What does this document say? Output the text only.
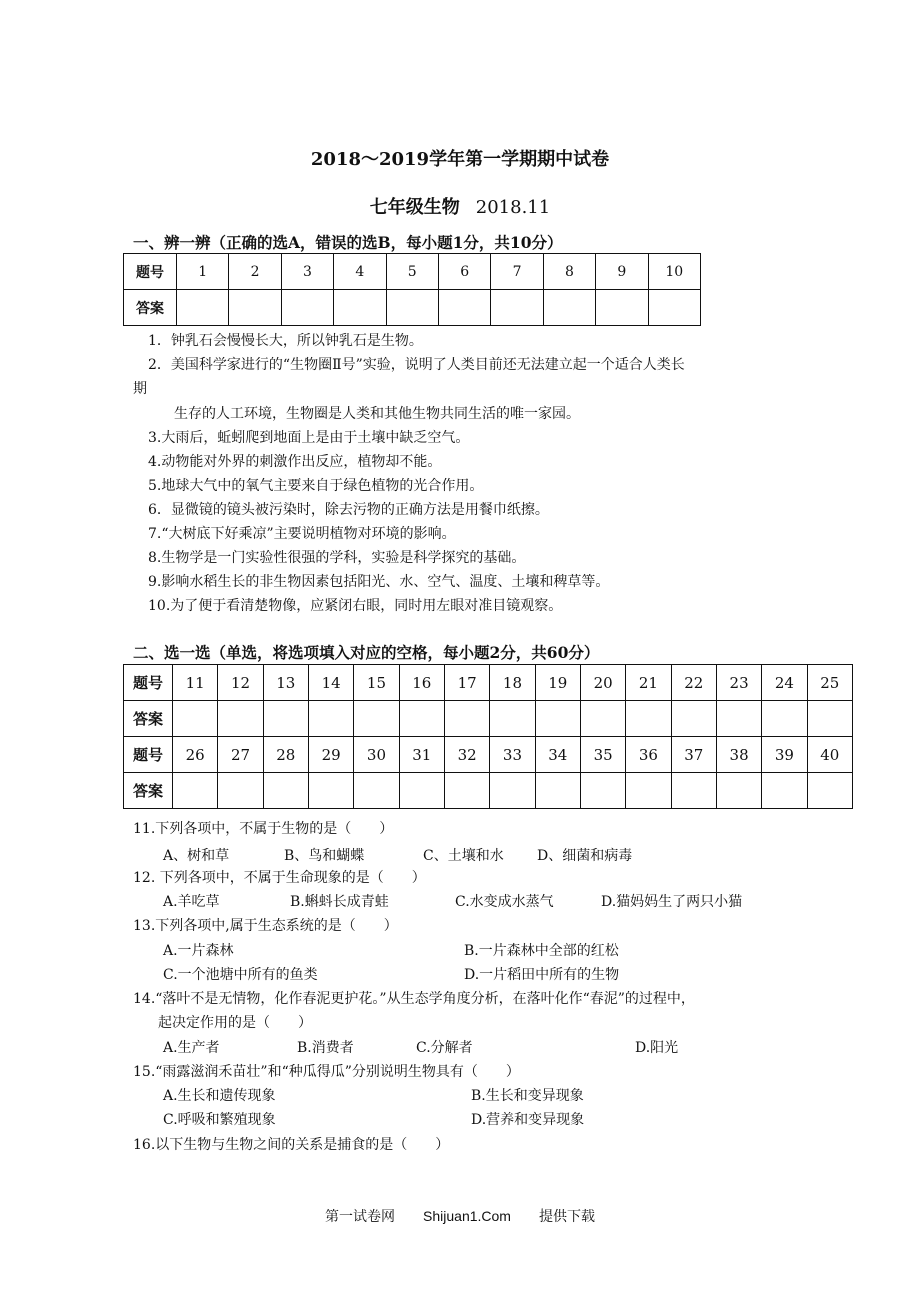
2018～2019学年第一学期期中试卷
七年级生物 2018.11
一、辨一辨（正确的选A，错误的选B，每小题1分，共10分）
题号	1	2	3	4	5	6	7	8	9	10
答案										
1．钟乳石会慢慢长大，所以钟乳石是生物。
2．美国科学家进行的“生物圈Ⅱ号”实验，说明了人类目前还无法建立起一个适合人类长
期
生存的人工环境，生物圈是人类和其他生物共同生活的唯一家园。
3.大雨后，蚯蚓爬到地面上是由于土壤中缺乏空气。
4.动物能对外界的刺激作出反应，植物却不能。
5.地球大气中的氧气主要来自于绿色植物的光合作用。
6．显微镜的镜头被污染时，除去污物的正确方法是用餐巾纸擦。
7.“大树底下好乘凉”主要说明植物对环境的影响。
8.生物学是一门实验性很强的学科，实验是科学探究的基础。
9.影响水稻生长的非生物因素包括阳光、水、空气、温度、土壤和稗草等。
10.为了便于看清楚物像，应紧闭右眼，同时用左眼对准目镜观察。
二、选一选（单选，将选项填入对应的空格，每小题2分，共60分）
题号	11	12	13	14	15	16	17	18	19	20	21	22	23	24	25
答案															
题号	26	27	28	29	30	31	32	33	34	35	36	37	38	39	40
答案															
11.下列各项中，不属于生物的是（　　）
A、树和草	B、鸟和蝴蝶	C、土壤和水 D、细菌和病毒
12. 下列各项中，不属于生命现象的是（　　）
A.羊吃草	B.蝌蚪长成青蛙	C.水变成水蒸气	D.猫妈妈生了两只小猫
13.下列各项中,属于生态系统的是（　　）
A.一片森林	B.一片森林中全部的红松
C.一个池塘中所有的鱼类	D.一片稻田中所有的生物
14.“落叶不是无情物，化作春泥更护花。”从生态学角度分析，在落叶化作“春泥”的过程中，
起决定作用的是（　　）
A.生产者	B.消费者	C.分解者	D.阳光
15.“雨露滋润禾苗壮”和“种瓜得瓜”分别说明生物具有（　　）
A.生长和遗传现象	B.生长和变异现象
C.呼吸和繁殖现象	D.营养和变异现象
16.以下生物与生物之间的关系是捕食的是（　　）
第一试卷网 Shijuan1.Com 提供下载
